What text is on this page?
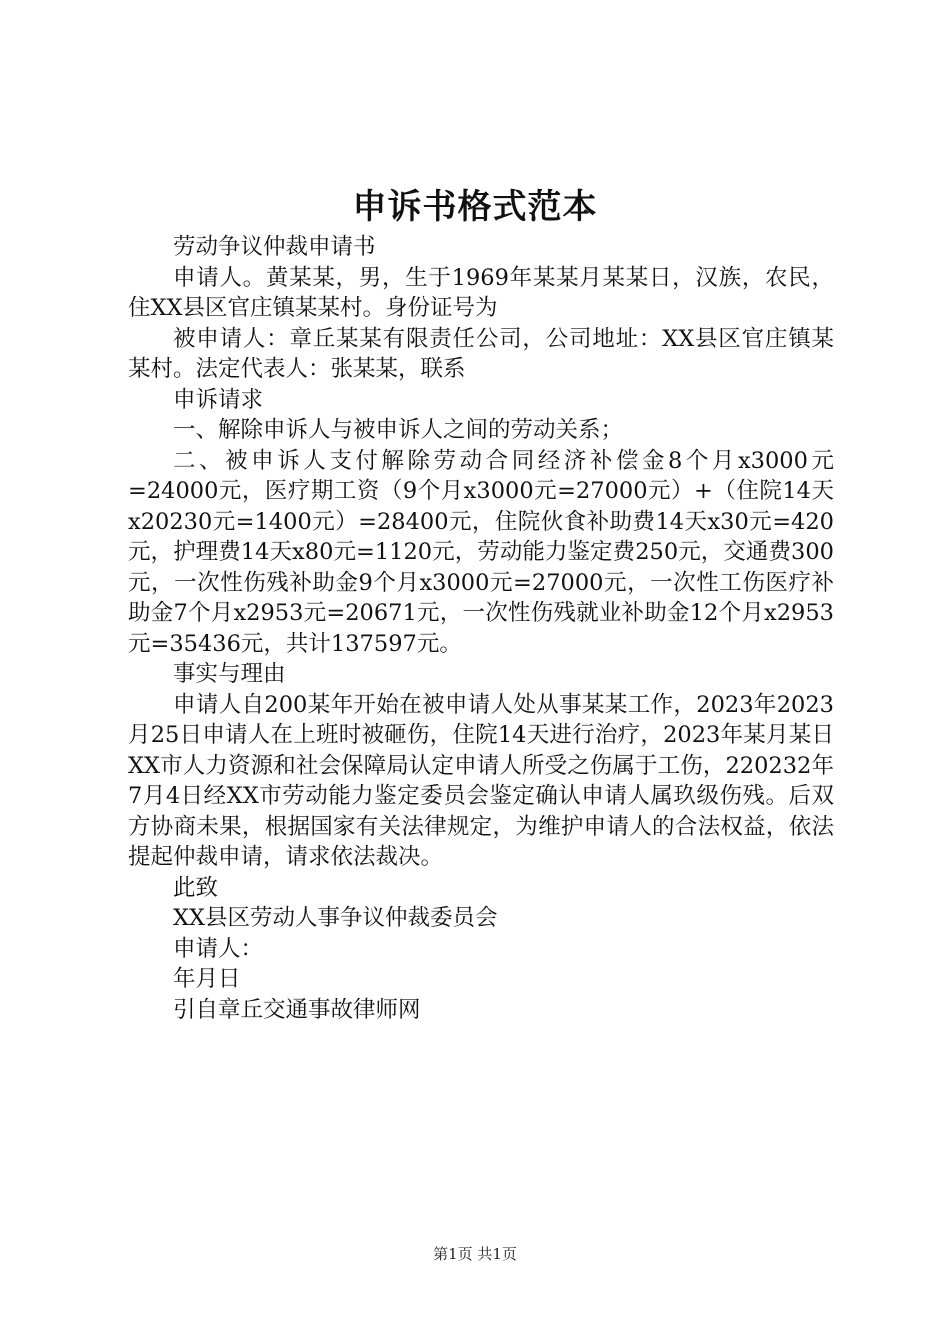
申诉书格式范本

劳动争议仲裁申请书

申请人。黄某某，男，生于1969年某某月某某日，汉族，农民，住XX县区官庄镇某某村。身份证号为

被申请人：章丘某某有限责任公司，公司地址：XX县区官庄镇某某村。法定代表人：张某某，联系

申诉请求

一、解除申诉人与被申诉人之间的劳动关系；

二、被申诉人支付解除劳动合同经济补偿金8个月x3000元=24000元，医疗期工资（9个月x3000元=27000元）+（住院14天x20230元=1400元）=28400元，住院伙食补助费14天x30元=420元，护理费14天x80元=1120元，劳动能力鉴定费250元，交通费300元，一次性伤残补助金9个月x3000元=27000元，一次性工伤医疗补助金7个月x2953元=20671元，一次性伤残就业补助金12个月x2953元=35436元，共计137597元。

事实与理由

申请人自200某年开始在被申请人处从事某某工作，2023年2023月25日申请人在上班时被砸伤，住院14天进行治疗，2023年某月某日XX市人力资源和社会保障局认定申请人所受之伤属于工伤，220232年7月4日经XX市劳动能力鉴定委员会鉴定确认申请人属玖级伤残。后双方协商未果，根据国家有关法律规定，为维护申请人的合法权益，依法提起仲裁申请，请求依法裁决。

此致

XX县区劳动人事争议仲裁委员会

申请人：

年月日

引自章丘交通事故律师网

第1页 共1页
